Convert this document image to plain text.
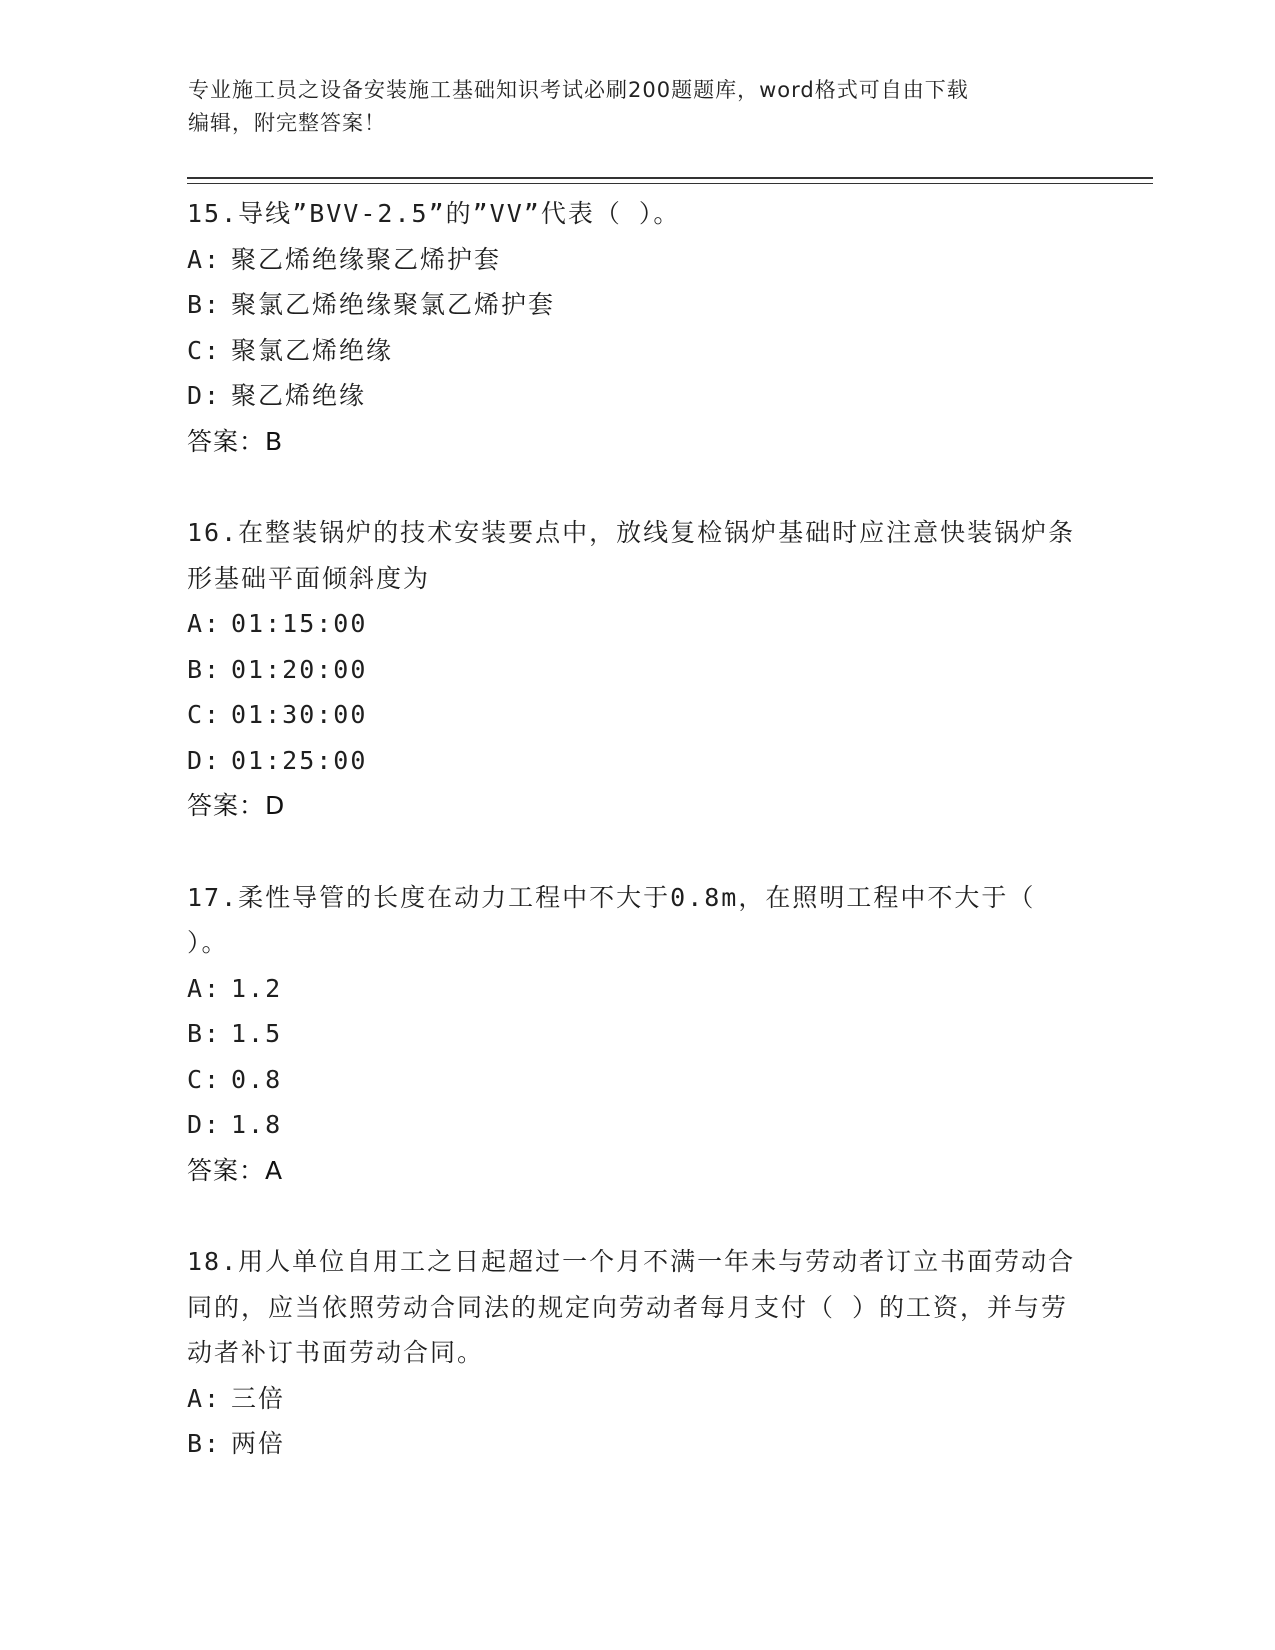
专业施工员之设备安装施工基础知识考试必刷200题题库，word格式可自由下载
编辑，附完整答案！

15.导线”BVV-2.5”的”VV”代表（ ）。

A: 聚乙烯绝缘聚乙烯护套

B: 聚氯乙烯绝缘聚氯乙烯护套

C: 聚氯乙烯绝缘

D: 聚乙烯绝缘

答案：B

16.在整装锅炉的技术安装要点中，放线复检锅炉基础时应注意快装锅炉条形基础平面倾斜度为

A: 01:15:00

B: 01:20:00

C: 01:30:00

D: 01:25:00

答案：D

17.柔性导管的长度在动力工程中不大于0.8m，在照明工程中不大于（ ）。

A: 1.2

B: 1.5

C: 0.8

D: 1.8

答案：A

18.用人单位自用工之日起超过一个月不满一年未与劳动者订立书面劳动合同的，应当依照劳动合同法的规定向劳动者每月支付（ ）的工资，并与劳动者补订书面劳动合同。

A: 三倍

B: 两倍
